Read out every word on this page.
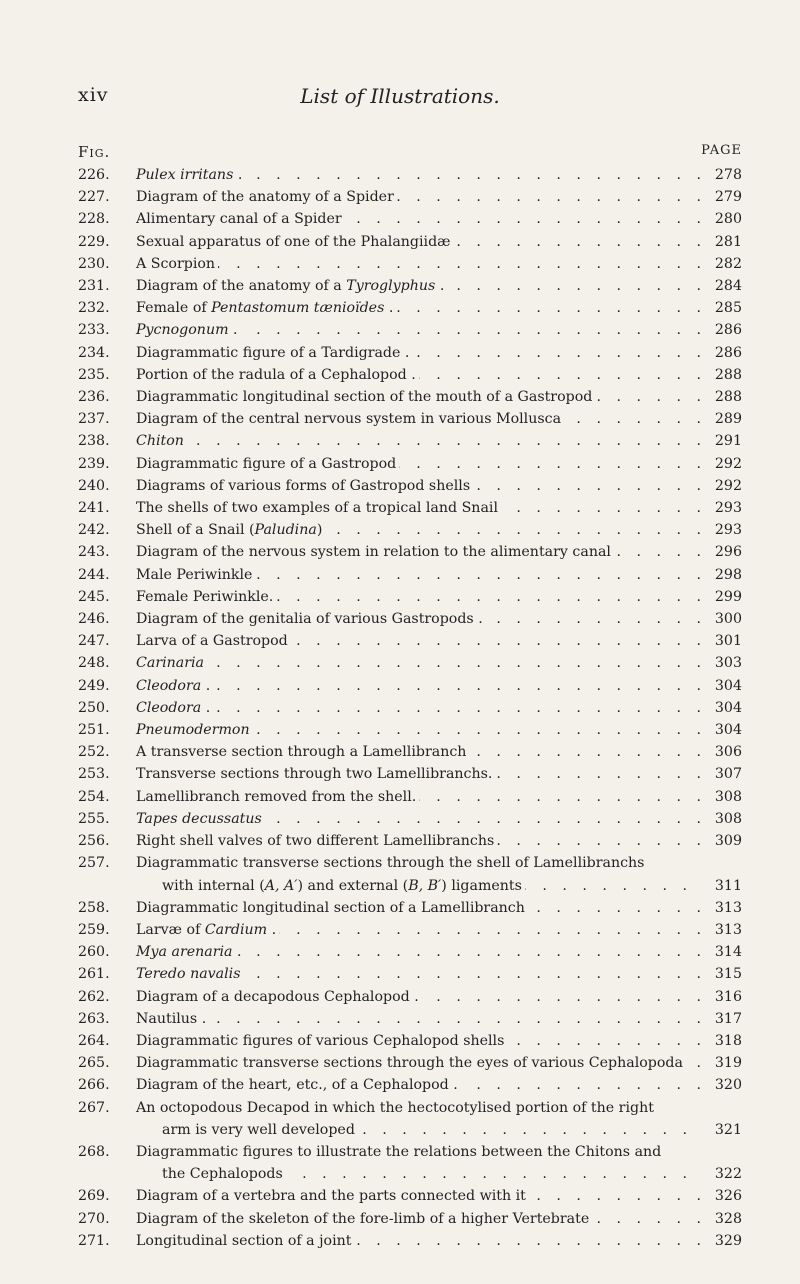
xiv	List of Illustrations.
Fig.	PAGE
226.	Pulex irritans .	278
. . .
227.	Diagram of the anatomy of a Spider	279
. . .
228.	Alimentary canal of a Spider	280
. . .
229.	Sexual apparatus of one of the Phalangiidæ	281
. . .
230.	A Scorpion	282
. . .
231.	Diagram of the anatomy of a Tyroglyphus .	284
. . .
232.	Female of Pentastomum tænioïdes .	285
. . .
233.	Pycnogonum .	286
. . .
234.	Diagrammatic figure of a Tardigrade .	286
. . .
235.	Portion of the radula of a Cephalopod .	288
. . .
236.	Diagrammatic longitudinal section of the mouth of a Gastropod	288
. . .
237.	Diagram of the central nervous system in various Mollusca	289
. . .
238.	Chiton	291
. . .
239.	Diagrammatic figure of a Gastropod	292
. . .
240.	Diagrams of various forms of Gastropod shells	292
. . .
241.	The shells of two examples of a tropical land Snail	293
. . .
242.	Shell of a Snail (Paludina)	293
. . .
243.	Diagram of the nervous system in relation to the alimentary canal	296
. . .
244.	Male Periwinkle	298
. . .
245.	Female Periwinkle.	299
. . .
246.	Diagram of the genitalia of various Gastropods .	300
. . .
247.	Larva of a Gastropod	301
. . .
248.	Carinaria	303
. . .
249.	Cleodora .	304
. . .
250.	Cleodora .	304
. . .
251.	Pneumodermon	304
. . .
252.	A transverse section through a Lamellibranch	306
. . .
253.	Transverse sections through two Lamellibranchs.	307
. . .
254.	Lamellibranch removed from the shell.	308
. . .
255.	Tapes decussatus	308
. . .
256.	Right shell valves of two different Lamellibranchs	309
. . .
257.	Diagrammatic transverse sections through the shell of Lamellibranchs
with internal (A, A′) and external (B, B′) ligaments	311
. . .
258.	Diagrammatic longitudinal section of a Lamellibranch	313
. . .
259.	Larvæ of Cardium .	313
. . .
260.	Mya arenaria .	314
. . .
261.	Teredo navalis	315
. . .
262.	Diagram of a decapodous Cephalopod .	316
. . .
263.	Nautilus .	317
. . .
264.	Diagrammatic figures of various Cephalopod shells	318
. . .
265.	Diagrammatic transverse sections through the eyes of various Cephalopoda	319
. . .
266.	Diagram of the heart, etc., of a Cephalopod .	320
. . .
267.	An octopodous Decapod in which the hectocotylised portion of the right
arm is very well developed	321
. . .
268.	Diagrammatic figures to illustrate the relations between the Chitons and
the Cephalopods	322
. . .
269.	Diagram of a vertebra and the parts connected with it	326
. . .
270.	Diagram of the skeleton of the fore-limb of a higher Vertebrate	328
. . .
271.	Longitudinal section of a joint	329
. . .
